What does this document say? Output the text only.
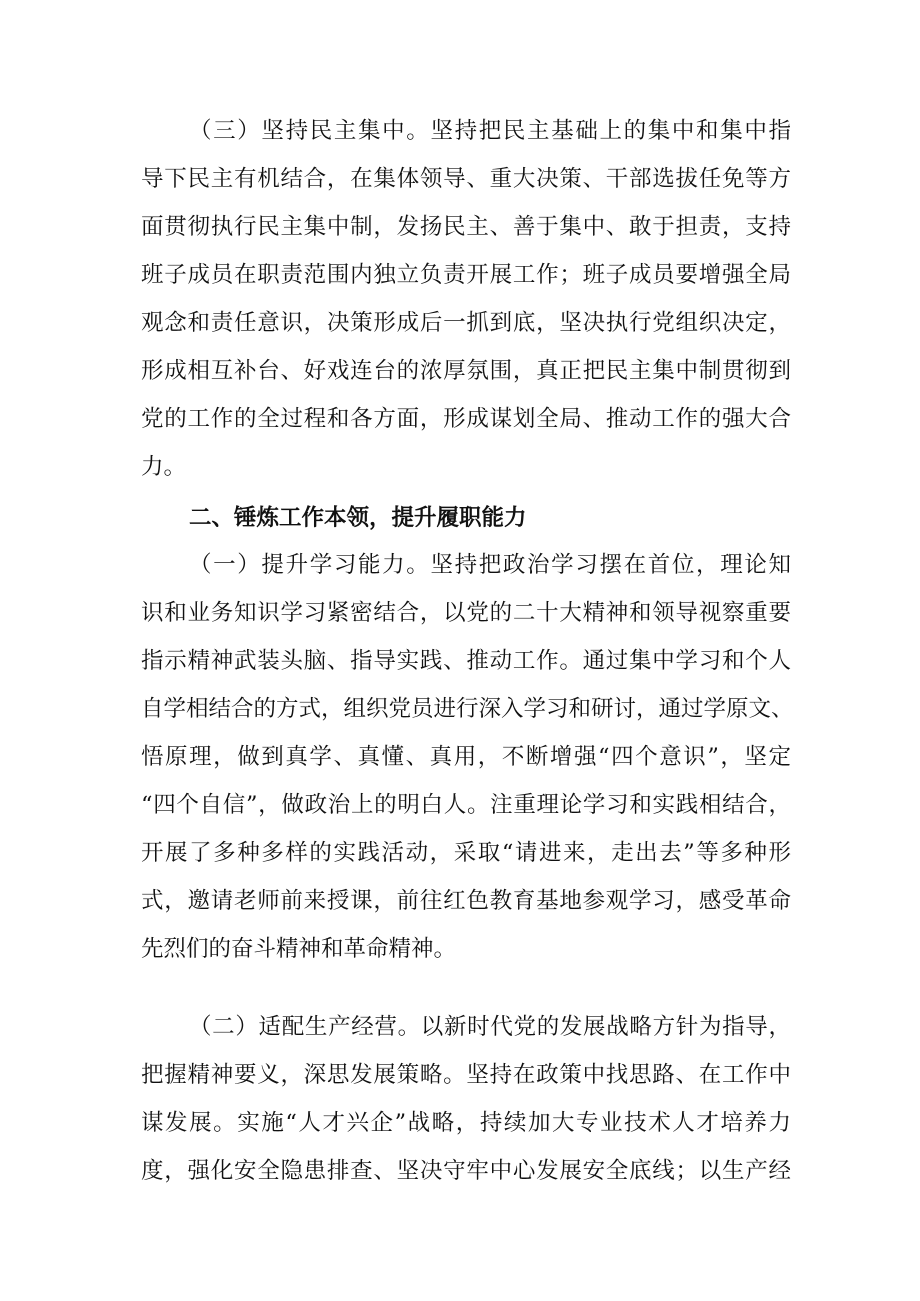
（三）坚持民主集中。坚持把民主基础上的集中和集中指
导下民主有机结合，在集体领导、重大决策、干部选拔任免等方
面贯彻执行民主集中制，发扬民主、善于集中、敢于担责，支持
班子成员在职责范围内独立负责开展工作；班子成员要增强全局
观念和责任意识，决策形成后一抓到底，坚决执行党组织决定，
形成相互补台、好戏连台的浓厚氛围，真正把民主集中制贯彻到
党的工作的全过程和各方面，形成谋划全局、推动工作的强大合
力。
二、锤炼工作本领，提升履职能力
（一）提升学习能力。坚持把政治学习摆在首位，理论知
识和业务知识学习紧密结合，以党的二十大精神和领导视察重要
指示精神武装头脑、指导实践、推动工作。通过集中学习和个人
自学相结合的方式，组织党员进行深入学习和研讨，通过学原文、
悟原理，做到真学、真懂、真用，不断增强“四个意识”，坚定
“四个自信”，做政治上的明白人。注重理论学习和实践相结合，
开展了多种多样的实践活动，采取“请进来，走出去”等多种形
式，邀请老师前来授课，前往红色教育基地参观学习，感受革命
先烈们的奋斗精神和革命精神。
（二）适配生产经营。以新时代党的发展战略方针为指导，
把握精神要义，深思发展策略。坚持在政策中找思路、在工作中
谋发展。实施“人才兴企”战略，持续加大专业技术人才培养力
度，强化安全隐患排查、坚决守牢中心发展安全底线；以生产经
